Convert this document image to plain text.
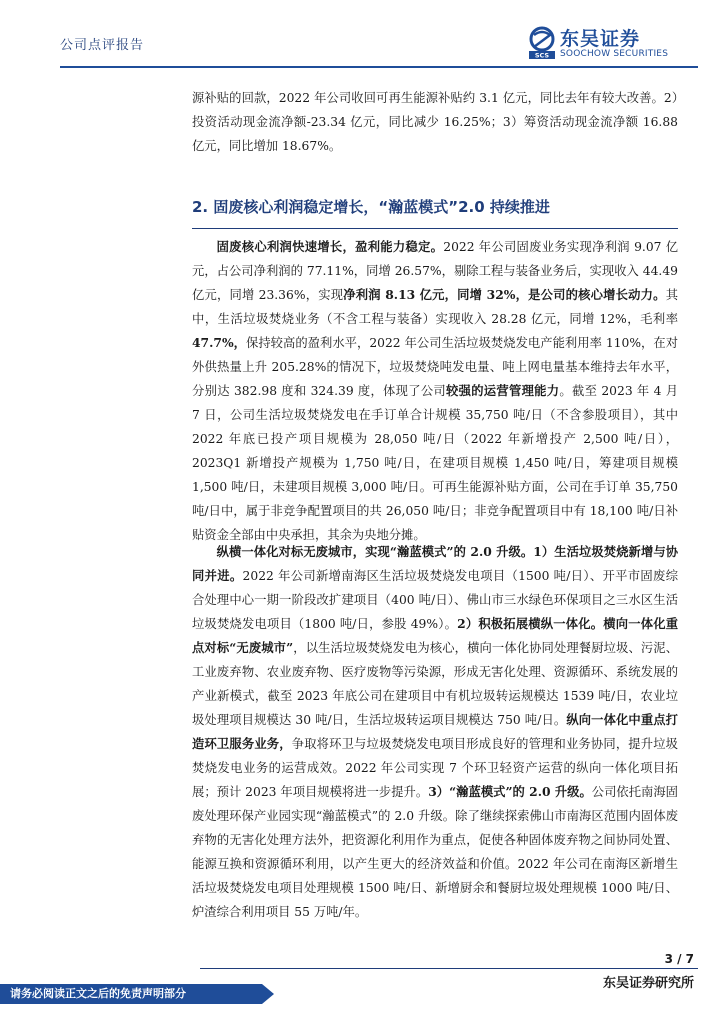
公司点评报告
SCS
东吴证券
SOOCHOW SECURITIES

源补贴的回款，2022 年公司收回可再生能源补贴约 3.1 亿元，同比去年有较大改善。2）投资活动现金流净额-23.34 亿元，同比减少 16.25%；3）筹资活动现金流净额 16.88 亿元，同比增加 18.67%。

2. 固废核心利润稳定增长，“瀚蓝模式”2.0 持续推进

固废核心利润快速增长，盈利能力稳定。2022 年公司固废业务实现净利润 9.07 亿元，占公司净利润的 77.11%，同增 26.57%，剔除工程与装备业务后，实现收入 44.49 亿元，同增 23.36%，实现净利润 8.13 亿元，同增 32%，是公司的核心增长动力。其中，生活垃圾焚烧业务（不含工程与装备）实现收入 28.28 亿元，同增 12%，毛利率 47.7%，保持较高的盈利水平，2022 年公司生活垃圾焚烧发电产能利用率 110%，在对外供热量上升 205.28%的情况下，垃圾焚烧吨发电量、吨上网电量基本维持去年水平，分别达 382.98 度和 324.39 度，体现了公司较强的运营管理能力。截至 2023 年 4 月 7 日，公司生活垃圾焚烧发电在手订单合计规模 35,750 吨/日（不含参股项目），其中 2022 年底已投产项目规模为 28,050 吨/日（2022 年新增投产 2,500 吨/日），2023Q1 新增投产规模为 1,750 吨/日，在建项目规模 1,450 吨/日，筹建项目规模 1,500 吨/日，未建项目规模 3,000 吨/日。可再生能源补贴方面，公司在手订单 35,750 吨/日中，属于非竞争配置项目的共 26,050 吨/日；非竞争配置项目中有 18,100 吨/日补贴资金全部由中央承担，其余为央地分摊。

纵横一体化对标无废城市，实现“瀚蓝模式”的 2.0 升级。1）生活垃圾焚烧新增与协同并进。2022 年公司新增南海区生活垃圾焚烧发电项目（1500 吨/日）、开平市固废综合处理中心一期一阶段改扩建项目（400 吨/日）、佛山市三水绿色环保项目之三水区生活垃圾焚烧发电项目（1800 吨/日，参股 49%）。2）积极拓展横纵一体化。横向一体化重点对标“无废城市”，以生活垃圾焚烧发电为核心，横向一体化协同处理餐厨垃圾、污泥、工业废弃物、农业废弃物、医疗废物等污染源，形成无害化处理、资源循环、系统发展的产业新模式，截至 2023 年底公司在建项目中有机垃圾转运规模达 1539 吨/日，农业垃圾处理项目规模达 30 吨/日，生活垃圾转运项目规模达 750 吨/日。纵向一体化中重点打造环卫服务业务，争取将环卫与垃圾焚烧发电项目形成良好的管理和业务协同，提升垃圾焚烧发电业务的运营成效。2022 年公司实现 7 个环卫轻资产运营的纵向一体化项目拓展；预计 2023 年项目规模将进一步提升。3）“瀚蓝模式”的 2.0 升级。公司依托南海固废处理环保产业园实现“瀚蓝模式”的 2.0 升级。除了继续探索佛山市南海区范围内固体废弃物的无害化处理方法外，把资源化利用作为重点，促使各种固体废弃物之间协同处置、能源互换和资源循环利用，以产生更大的经济效益和价值。2022 年公司在南海区新增生活垃圾焚烧发电项目处理规模 1500 吨/日、新增厨余和餐厨垃圾处理规模 1000 吨/日、炉渣综合利用项目 55 万吨/年。

3 / 7
东吴证券研究所
请务必阅读正文之后的免责声明部分
